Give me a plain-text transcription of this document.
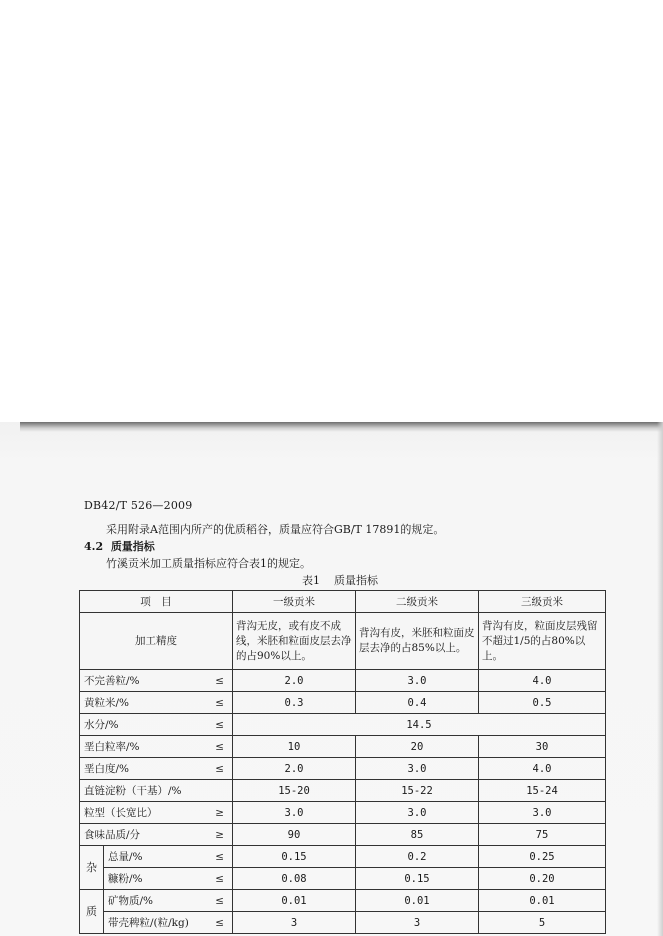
DB42/T 526—2009
采用附录A范围内所产的优质稻谷，质量应符合GB/T 17891的规定。
4.2 质量指标
竹溪贡米加工质量指标应符合表1的规定。
表1 质量指标
项　目			一级贡米	二级贡米	三级贡米
加工精度			背沟无皮，或有皮不成线，米胚和粒面皮层去净的占90%以上。	背沟有皮，米胚和粒面皮层去净的占85%以上。	背沟有皮，粒面皮层残留不超过1/5的占80%以上。
不完善粒/%		≤	2.0	3.0	4.0
黄粒米/%		≤	0.3	0.4	0.5
水分/%		≤	14.5		
垩白粒率/%		≤	10	20	30
垩白度/%		≤	2.0	3.0	4.0
直链淀粉（干基）/%			15-20	15-22	15-24
粒型（长宽比）		≥	3.0	3.0	3.0
食味品质/分		≥	90	85	75
杂	总量/%	≤	0.15	0.2	0.25
	糠粉/%	≤	0.08	0.15	0.20
质	矿物质/%	≤	0.01	0.01	0.01
	带壳稗粒/(粒/kg)	≤	3	3	5
